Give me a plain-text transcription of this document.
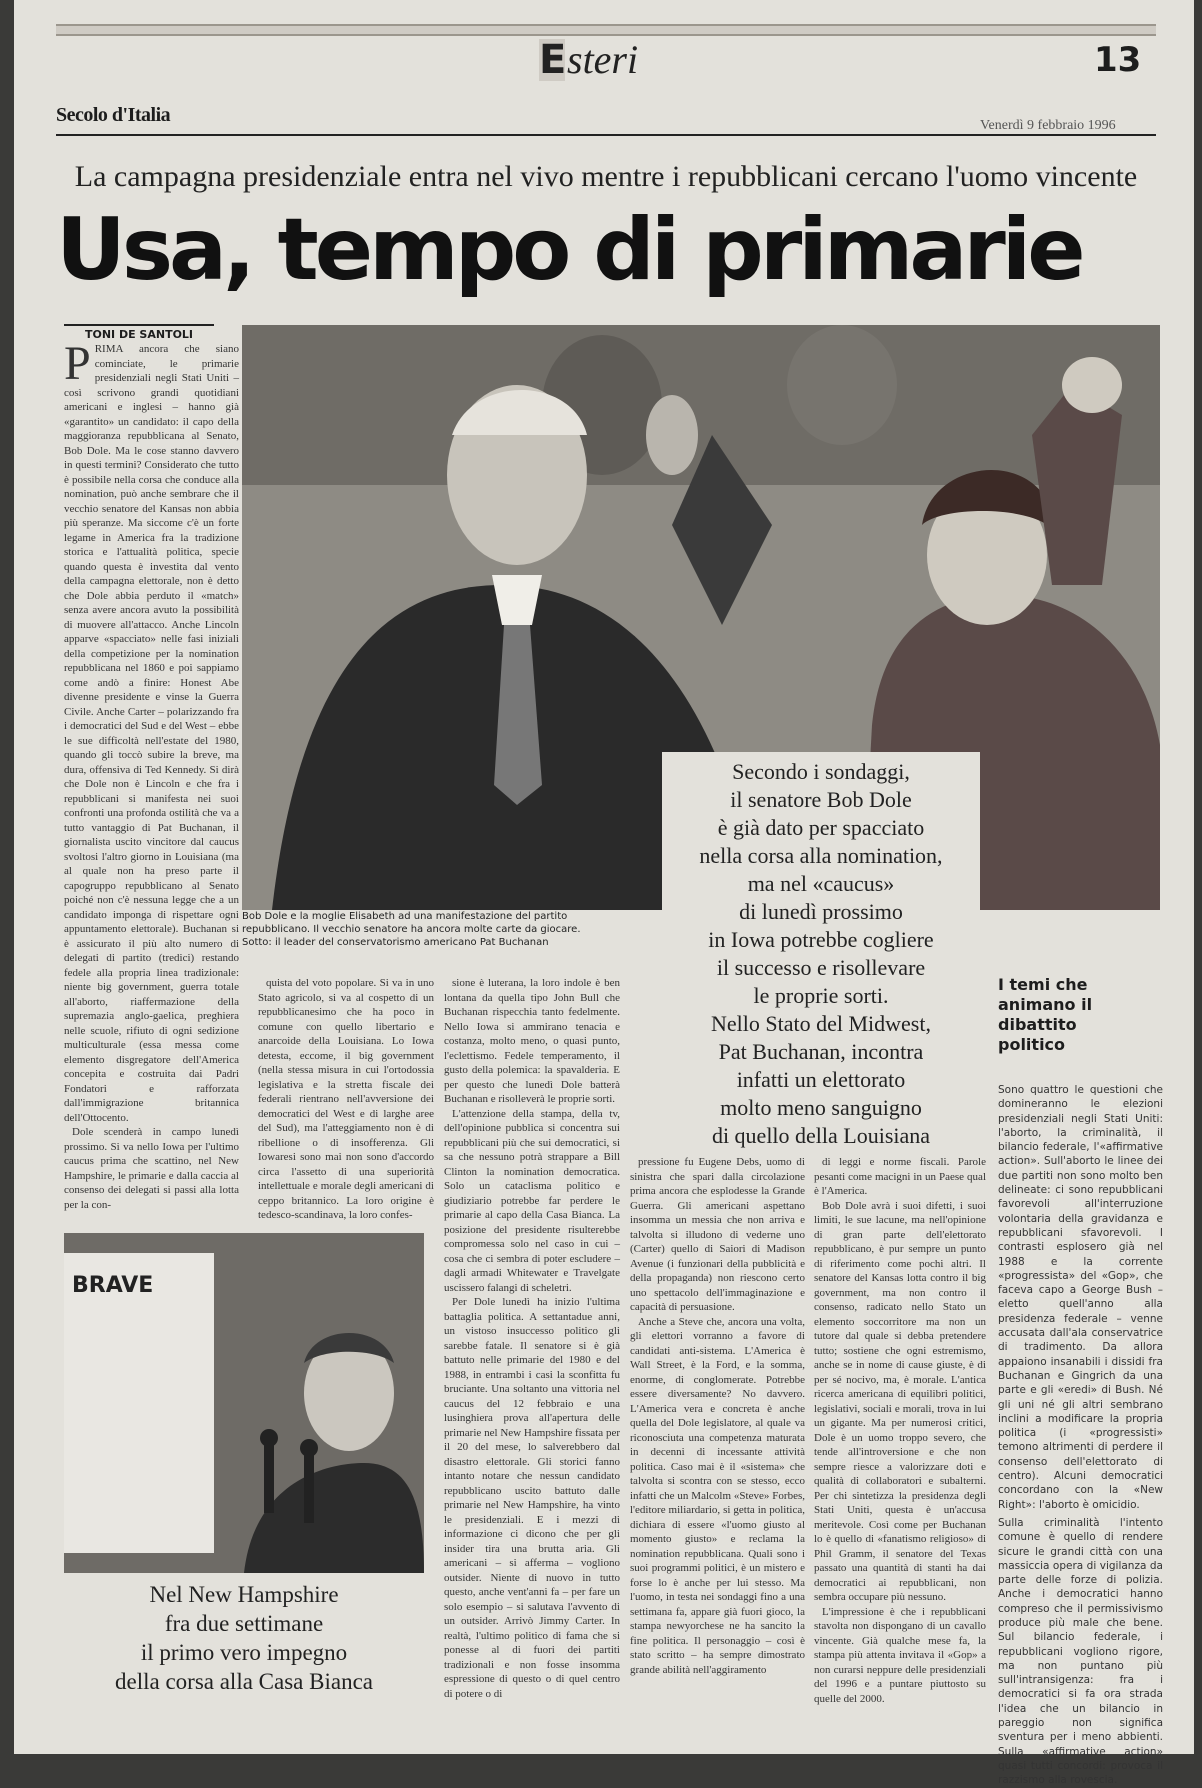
Esteri	13
Secolo d'Italia	Venerdì 9 febbraio 1996
La campagna presidenziale entra nel vivo mentre i repubblicani cercano l'uomo vincente
Usa, tempo di primarie
TONI DE SANTOLI
P RIMA ancora che siano cominciate, le primarie presidenziali negli Stati Uniti – così scrivono grandi quotidiani americani e inglesi – hanno già «garantito» un candidato: il capo della maggioranza repubblicana al Senato, Bob Dole. Ma le cose stanno davvero in questi termini? Considerato che tutto è possibile nella corsa che conduce alla nomination, può anche sembrare che il vecchio senatore del Kansas non abbia più speranze. Ma siccome c'è un forte legame in America fra la tradizione storica e l'attualità politica, specie quando questa è investita dal vento della campagna elettorale, non è detto che Dole abbia perduto il «match» senza avere ancora avuto la possibilità di muovere all'attacco. Anche Lincoln apparve «spacciato» nelle fasi iniziali della competizione per la nomination repubblicana nel 1860 e poi sappiamo come andò a finire: Honest Abe divenne presidente e vinse la Guerra Civile. Anche Carter – polarizzando fra i democratici del Sud e del West – ebbe le sue difficoltà nell'estate del 1980, quando gli toccò subire la breve, ma dura, offensiva di Ted Kennedy. Si dirà che Dole non è Lincoln e che fra i repubblicani si manifesta nei suoi confronti una profonda ostilità che va a tutto vantaggio di Pat Buchanan, il giornalista uscito vincitore dal caucus svoltosi l'altro giorno in Louisiana (ma al quale non ha preso parte il capogruppo repubblicano al Senato poiché non c'è nessuna legge che a un candidato imponga di rispettare ogni appuntamento elettorale). Buchanan si è assicurato il più alto numero di delegati di partito (tredici) restando fedele alla propria linea tradizionale: niente big government, guerra totale all'aborto, riaffermazione della supremazia anglo-gaelica, preghiera nelle scuole, rifiuto di ogni sedizione multiculturale (essa messa come elemento disgregatore dell'America concepita e costruita dai Padri Fondatori e rafforzata dall'immigrazione britannica dell'Ottocento.

Dole scenderà in campo lunedì prossimo. Si va nello Iowa per l'ultimo caucus prima che scattino, nel New Hampshire, le primarie e dalla caccia al consenso dei delegati si passi alla lotta per la con-

Bob Dole e la moglie Elisabeth ad una manifestazione del partito repubblicano. Il vecchio senatore ha ancora molte carte da giocare. Sotto: il leader del conservatorismo americano Pat Buchanan
Secondo i sondaggi,
il senatore Bob Dole
è già dato per spacciato
nella corsa alla nomination,
ma nel «caucus»
di lunedì prossimo
in Iowa potrebbe cogliere
il successo e risollevare
le proprie sorti.
Nello Stato del Midwest,
Pat Buchanan, incontra
infatti un elettorato
molto meno sanguigno
di quello della Louisiana

quista del voto popolare. Si va in uno Stato agricolo, si va al cospetto di un repubblicanesimo che ha poco in comune con quello libertario e anarcoide della Louisiana. Lo Iowa detesta, eccome, il big government (nella stessa misura in cui l'ortodossia legislativa e la stretta fiscale dei federali rientrano nell'avversione dei democratici del West e di larghe aree del Sud), ma l'atteggiamento non è di ribellione o di insofferenza. Gli Iowaresi sono mai non sono d'accordo circa l'assetto di una superiorità intellettuale e morale degli americani di ceppo britannico. La loro origine è tedesco-scandinava, la loro confes-

sione è luterana, la loro indole è ben lontana da quella tipo John Bull che Buchanan rispecchia tanto fedelmente. Nello Iowa si ammirano tenacia e costanza, molto meno, o quasi punto, l'eclettismo. Fedele temperamento, il gusto della polemica: la spavalderia. E per questo che lunedì Dole batterà Buchanan e risolleverà le proprie sorti.

L'attenzione della stampa, della tv, dell'opinione pubblica si concentra sui repubblicani più che sui democratici, si sa che nessuno potrà strappare a Bill Clinton la nomination democratica. Solo un cataclisma politico e giudiziario potrebbe far perdere le primarie al capo della Casa Bianca. La posizione del presidente risulterebbe compromessa solo nel caso in cui – cosa che ci sembra di poter escludere – dagli armadi Whitewater e Travelgate uscissero falangi di scheletri.

Per Dole lunedì ha inizio l'ultima battaglia politica. A settantadue anni, un vistoso insuccesso politico gli sarebbe fatale. Il senatore si è già battuto nelle primarie del 1980 e del 1988, in entrambi i casi la sconfitta fu bruciante. Una soltanto una vittoria nel caucus del 12 febbraio e una lusinghiera prova all'apertura delle primarie nel New Hampshire fissata per il 20 del mese, lo salverebbero dal disastro elettorale. Gli storici fanno intanto notare che nessun candidato repubblicano uscito battuto dalle primarie nel New Hampshire, ha vinto le presidenziali. E i mezzi di informazione ci dicono che per gli insider tira una brutta aria. Gli americani – si afferma – vogliono outsider. Niente di nuovo in tutto questo, anche vent'anni fa – per fare un solo esempio – si salutava l'avvento di un outsider. Arrivò Jimmy Carter. In realtà, l'ultimo politico di fama che si ponesse al di fuori dei partiti tradizionali e non fosse insomma espressione di questo o di quel centro di potere o di

pressione fu Eugene Debs, uomo di sinistra che spari dalla circolazione prima ancora che esplodesse la Grande Guerra. Gli americani aspettano insomma un messia che non arriva e talvolta si illudono di vederne uno (Carter) quello di Saiori di Madison Avenue (i funzionari della pubblicità e della propaganda) non riescono certo uno spettacolo dell'immaginazione e capacità di persuasione.

Anche a Steve che, ancora una volta, gli elettori vorranno a favore di candidati anti-sistema. L'America è Wall Street, è la Ford, e la somma, enorme, di conglomerate. Potrebbe essere diversamente? No davvero. L'America vera e concreta è anche quella del Dole legislatore, al quale va riconosciuta una competenza maturata in decenni di incessante attività politica. Caso mai è il «sistema» che talvolta si scontra con se stesso, ecco infatti che un Malcolm «Steve» Forbes, l'editore miliardario, si getta in politica, dichiara di essere «l'uomo giusto al momento giusto» e reclama la nomination repubblicana. Quali sono i suoi programmi politici, è un mistero e forse lo è anche per lui stesso. Ma l'uomo, in testa nei sondaggi fino a una settimana fa, appare già fuori gioco, la stampa newyorchese ne ha sancito la fine politica. Il personaggio – così è stato scritto – ha sempre dimostrato grande abilità nell'aggiramento

di leggi e norme fiscali. Parole pesanti come macigni in un Paese qual è l'America.

Bob Dole avrà i suoi difetti, i suoi limiti, le sue lacune, ma nell'opinione di gran parte dell'elettorato repubblicano, è pur sempre un punto di riferimento come pochi altri. Il senatore del Kansas lotta contro il big government, ma non contro il consenso, radicato nello Stato un elemento soccorritore ma non un tutore dal quale si debba pretendere tutto; sostiene che ogni estremismo, anche se in nome di cause giuste, è di per sé nocivo, ma, è morale. L'antica ricerca americana di equilibri politici, legislativi, sociali e morali, trova in lui un gigante. Ma per numerosi critici, Dole è un uomo troppo severo, che tende all'introversione e che non sempre riesce a valorizzare doti e qualità di collaboratori e subalterni. Per chi sintetizza la presidenza degli Stati Uniti, questa è un'accusa meritevole. Così come per Buchanan lo è quello di «fanatismo religioso» di Phil Gramm, il senatore del Texas passato una quantità di stanti ha dai democratici ai repubblicani, non sembra occupare più nessuno.

L'impressione è che i repubblicani stavolta non dispongano di un cavallo vincente. Già qualche mese fa, la stampa più attenta invitava il «Gop» a non curarsi neppure delle presidenziali del 1996 e a puntare piuttosto su quelle del 2000.

BRAVE
Nel New Hampshire
fra due settimane
il primo vero impegno
della corsa alla Casa Bianca
I temi che animano il dibattito politico

Sono quattro le questioni che domineranno le elezioni presidenziali negli Stati Uniti: l'aborto, la criminalità, il bilancio federale, l'«affirmative action». Sull'aborto le linee dei due partiti non sono molto ben delineate: ci sono repubblicani favorevoli all'interruzione volontaria della gravidanza e repubblicani sfavorevoli. I contrasti esplosero già nel 1988 e la corrente «progressista» del «Gop», che faceva capo a George Bush – eletto quell'anno alla presidenza federale – venne accusata dall'ala conservatrice di tradimento. Da allora appaiono insanabili i dissidi fra Buchanan e Gingrich da una parte e gli «eredi» di Bush. Né gli uni né gli altri sembrano inclini a modificare la propria politica (i «progressisti» temono altrimenti di perdere il consenso dell'elettorato di centro). Alcuni democratici concordano con la «New Right»: l'aborto è omicidio.

Sulla criminalità l'intento comune è quello di rendere sicure le grandi città con una massiccia opera di vigilanza da parte delle forze di polizia. Anche i democratici hanno compreso che il permissivismo produce più male che bene. Sul bilancio federale, i repubblicani vogliono rigore, ma non puntano più sull'intransigenza: fra i democratici si fa ora strada l'idea che un bilancio in pareggio non significa sventura per i meno abbienti. Sulla «affirmative action» quasi tutti concordi: provoca il razzismo alla rovescia.
